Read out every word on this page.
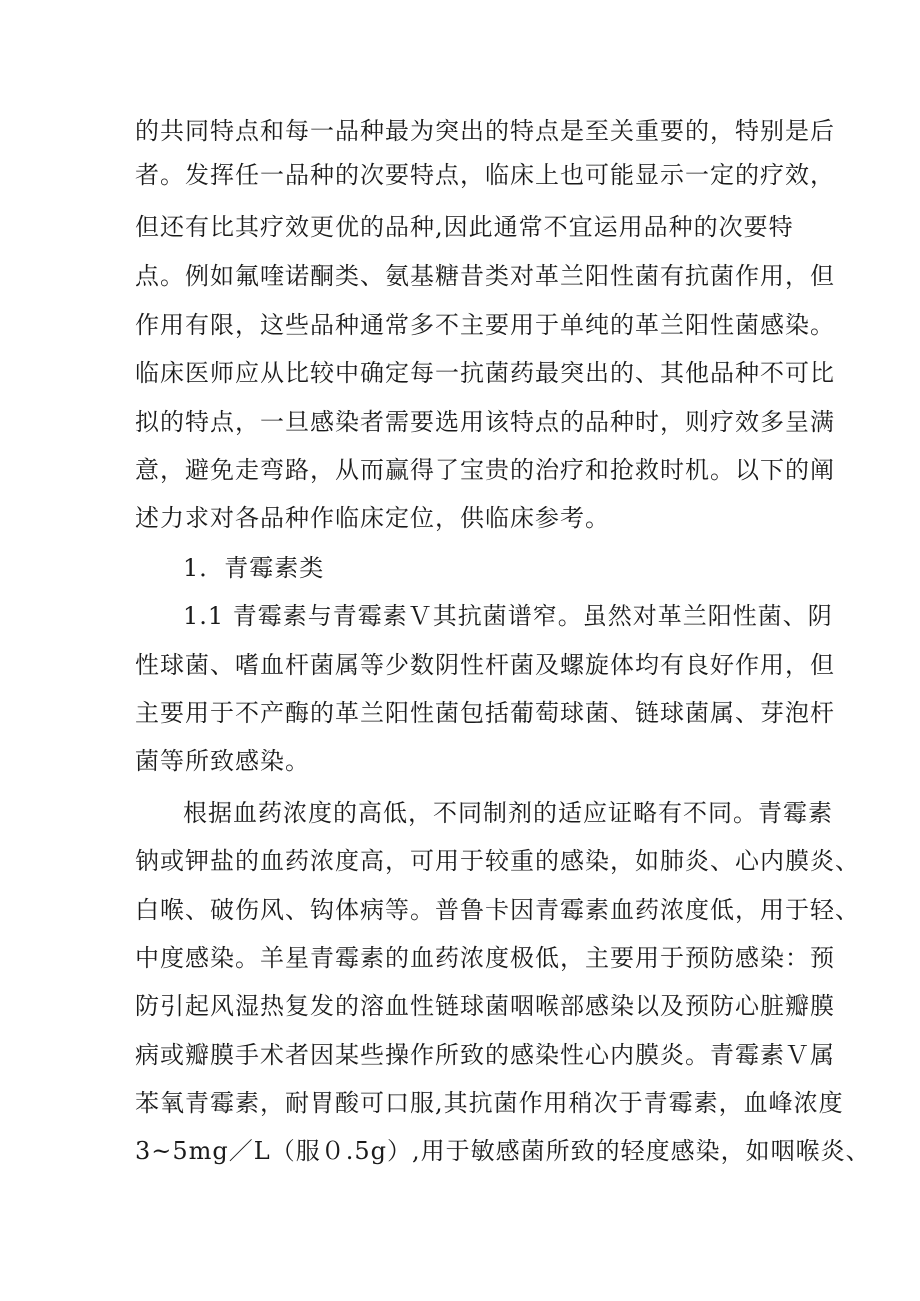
的共同特点和每一品种最为突出的特点是至关重要的，特别是后
者。发挥任一品种的次要特点，临床上也可能显示一定的疗效，
但还有比其疗效更优的品种,因此通常不宜运用品种的次要特
点。例如氟喹诺酮类、氨基糖昔类对革兰阳性菌有抗菌作用，但
作用有限，这些品种通常多不主要用于单纯的革兰阳性菌感染。
临床医师应从比较中确定每一抗菌药最突出的、其他品种不可比
拟的特点，一旦感染者需要选用该特点的品种时，则疗效多呈满
意，避免走弯路，从而赢得了宝贵的治疗和抢救时机。以下的阐
述力求对各品种作临床定位，供临床参考。
1．青霉素类
1.1 青霉素与青霉素Ｖ其抗菌谱窄。虽然对革兰阳性菌、阴
性球菌、嗜血杆菌属等少数阴性杆菌及螺旋体均有良好作用，但
主要用于不产酶的革兰阳性菌包括葡萄球菌、链球菌属、芽泡杆
菌等所致感染。
根据血药浓度的高低，不同制剂的适应证略有不同。青霉素
钠或钾盐的血药浓度高，可用于较重的感染，如肺炎、心内膜炎、
白喉、破伤风、钩体病等。普鲁卡因青霉素血药浓度低，用于轻、
中度感染。羊星青霉素的血药浓度极低，主要用于预防感染：预
防引起风湿热复发的溶血性链球菌咽喉部感染以及预防心脏瓣膜
病或瓣膜手术者因某些操作所致的感染性心内膜炎。青霉素Ｖ属
苯氧青霉素，耐胃酸可口服,其抗菌作用稍次于青霉素，血峰浓度
3~5mg／L（服０.5g）,用于敏感菌所致的轻度感染，如咽喉炎、
